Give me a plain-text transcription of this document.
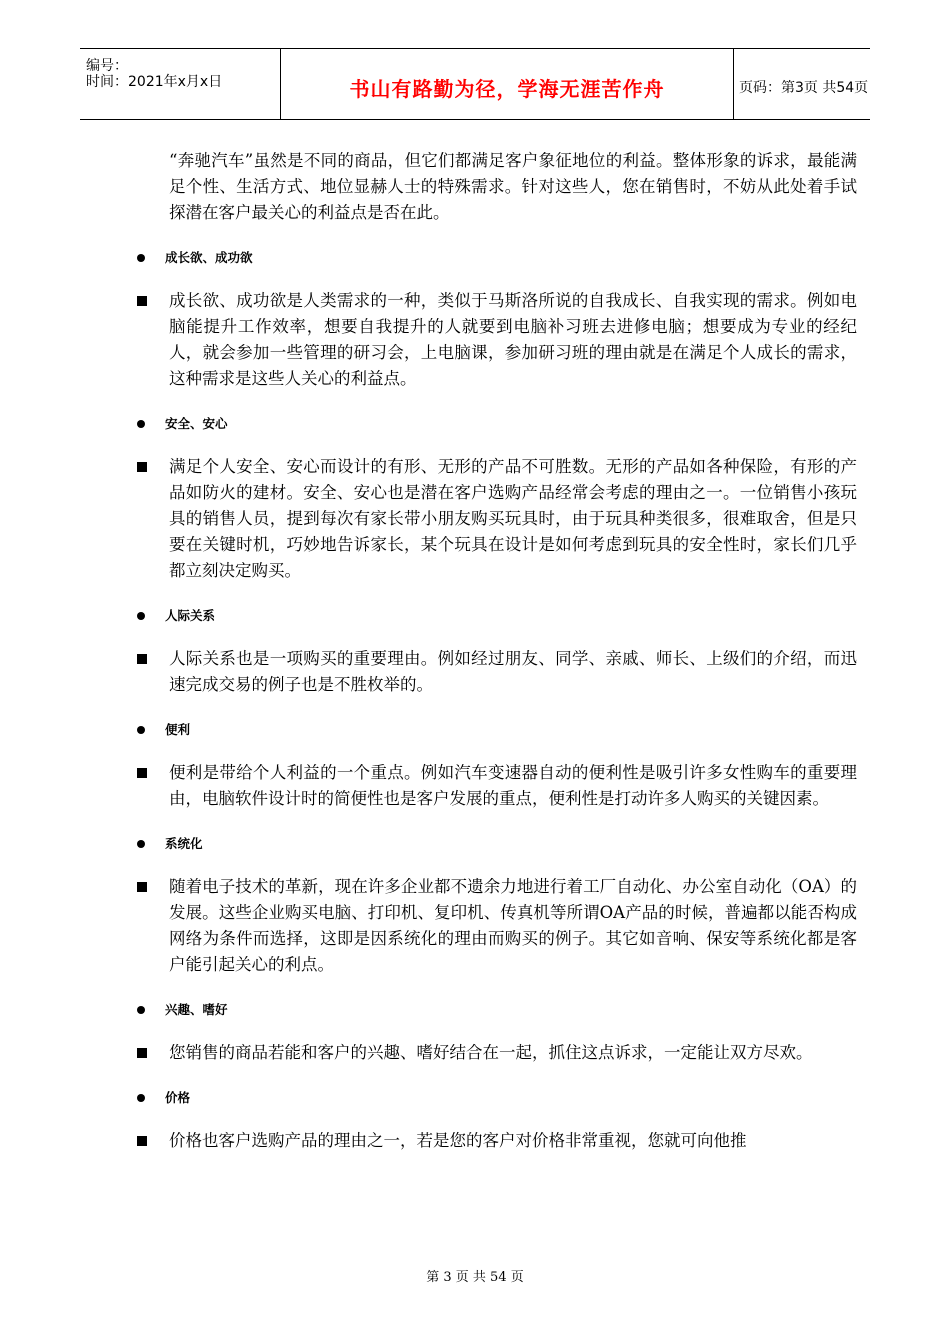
编号：
时间：2021年x月x日	书山有路勤为径，学海无涯苦作舟	页码：第3页 共54页

“奔驰汽车”虽然是不同的商品，但它们都满足客户象征地位的利益。整体形象的诉求，最能满足个性、生活方式、地位显赫人士的特殊需求。针对这些人，您在销售时，不妨从此处着手试探潜在客户最关心的利益点是否在此。

成长欲、成功欲

成长欲、成功欲是人类需求的一种，类似于马斯洛所说的自我成长、自我实现的需求。例如电脑能提升工作效率，想要自我提升的人就要到电脑补习班去进修电脑；想要成为专业的经纪人，就会参加一些管理的研习会，上电脑课，参加研习班的理由就是在满足个人成长的需求，这种需求是这些人关心的利益点。

安全、安心

满足个人安全、安心而设计的有形、无形的产品不可胜数。无形的产品如各种保险，有形的产品如防火的建材。安全、安心也是潜在客户选购产品经常会考虑的理由之一。一位销售小孩玩具的销售人员，提到每次有家长带小朋友购买玩具时，由于玩具种类很多，很难取舍，但是只要在关键时机，巧妙地告诉家长，某个玩具在设计是如何考虑到玩具的安全性时，家长们几乎都立刻决定购买。

人际关系

人际关系也是一项购买的重要理由。例如经过朋友、同学、亲戚、师长、上级们的介绍，而迅速完成交易的例子也是不胜枚举的。

便利

便利是带给个人利益的一个重点。例如汽车变速器自动的便利性是吸引许多女性购车的重要理由，电脑软件设计时的简便性也是客户发展的重点，便利性是打动许多人购买的关键因素。

系统化

随着电子技术的革新，现在许多企业都不遗余力地进行着工厂自动化、办公室自动化（OA）的发展。这些企业购买电脑、打印机、复印机、传真机等所谓OA产品的时候，普遍都以能否构成网络为条件而选择，这即是因系统化的理由而购买的例子。其它如音响、保安等系统化都是客户能引起关心的利点。

兴趣、嗜好

您销售的商品若能和客户的兴趣、嗜好结合在一起，抓住这点诉求，一定能让双方尽欢。

价格

价格也客户选购产品的理由之一，若是您的客户对价格非常重视，您就可向他推

第 3 页 共 54 页
